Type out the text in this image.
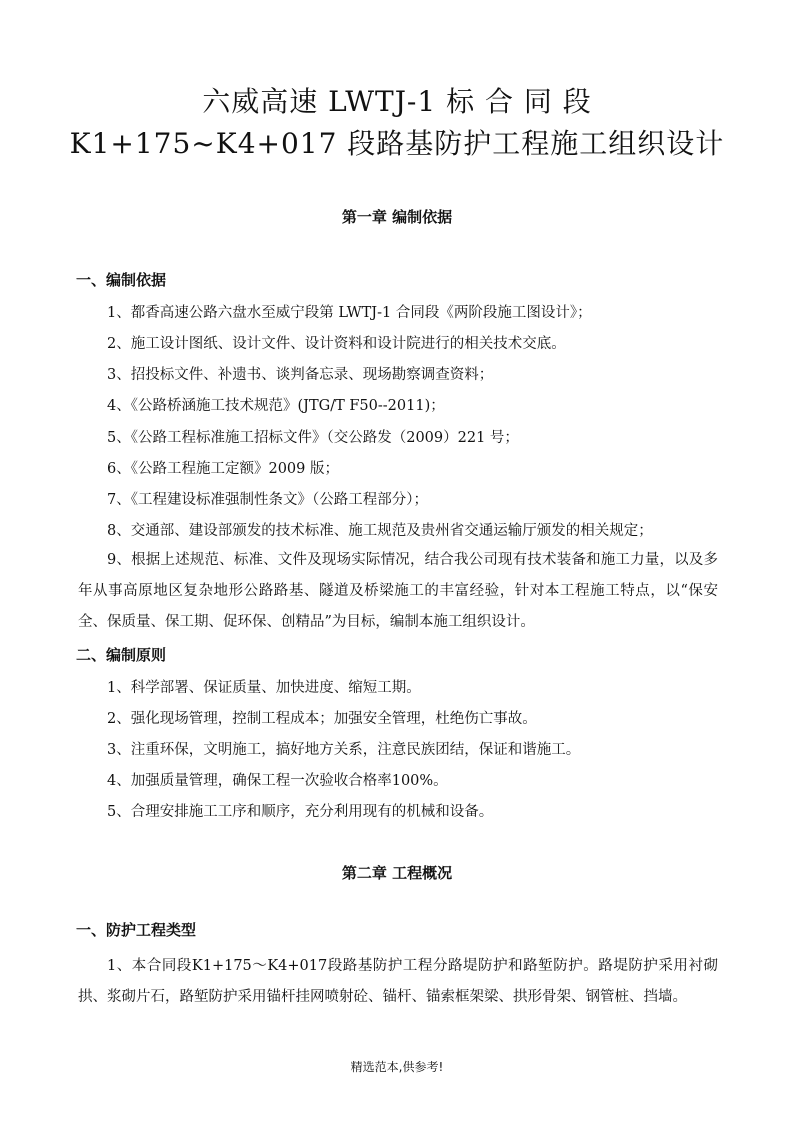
六威高速 LWTJ-1 标 合 同 段
K1+175~K4+017 段路基防护工程施工组织设计
第一章 编制依据
一、编制依据
1、都香高速公路六盘水至威宁段第 LWTJ-1 合同段《两阶段施工图设计》；
2、施工设计图纸、设计文件、设计资料和设计院进行的相关技术交底。
3、招投标文件、补遗书、谈判备忘录、现场勘察调查资料；
4、《公路桥涵施工技术规范》(JTG/T F50--2011)；
5、《公路工程标准施工招标文件》（交公路发（2009）221 号；
6、《公路工程施工定额》2009 版；
7、《工程建设标准强制性条文》（公路工程部分）；
8、交通部、建设部颁发的技术标准、施工规范及贵州省交通运输厅颁发的相关规定；
9、根据上述规范、标准、文件及现场实际情况，结合我公司现有技术装备和施工力量，以及多年从事高原地区复杂地形公路路基、隧道及桥梁施工的丰富经验，针对本工程施工特点，以“保安全、保质量、保工期、促环保、创精品”为目标，编制本施工组织设计。
二、编制原则
1、科学部署、保证质量、加快进度、缩短工期。
2、强化现场管理，控制工程成本；加强安全管理，杜绝伤亡事故。
3、注重环保，文明施工，搞好地方关系，注意民族团结，保证和谐施工。
4、加强质量管理，确保工程一次验收合格率100%。
5、合理安排施工工序和顺序，充分利用现有的机械和设备。
第二章 工程概况
一、防护工程类型
1、本合同段K1+175～K4+017段路基防护工程分路堤防护和路堑防护。路堤防护采用衬砌拱、浆砌片石，路堑防护采用锚杆挂网喷射砼、锚杆、锚索框架梁、拱形骨架、钢管桩、挡墙。
精选范本,供参考!
